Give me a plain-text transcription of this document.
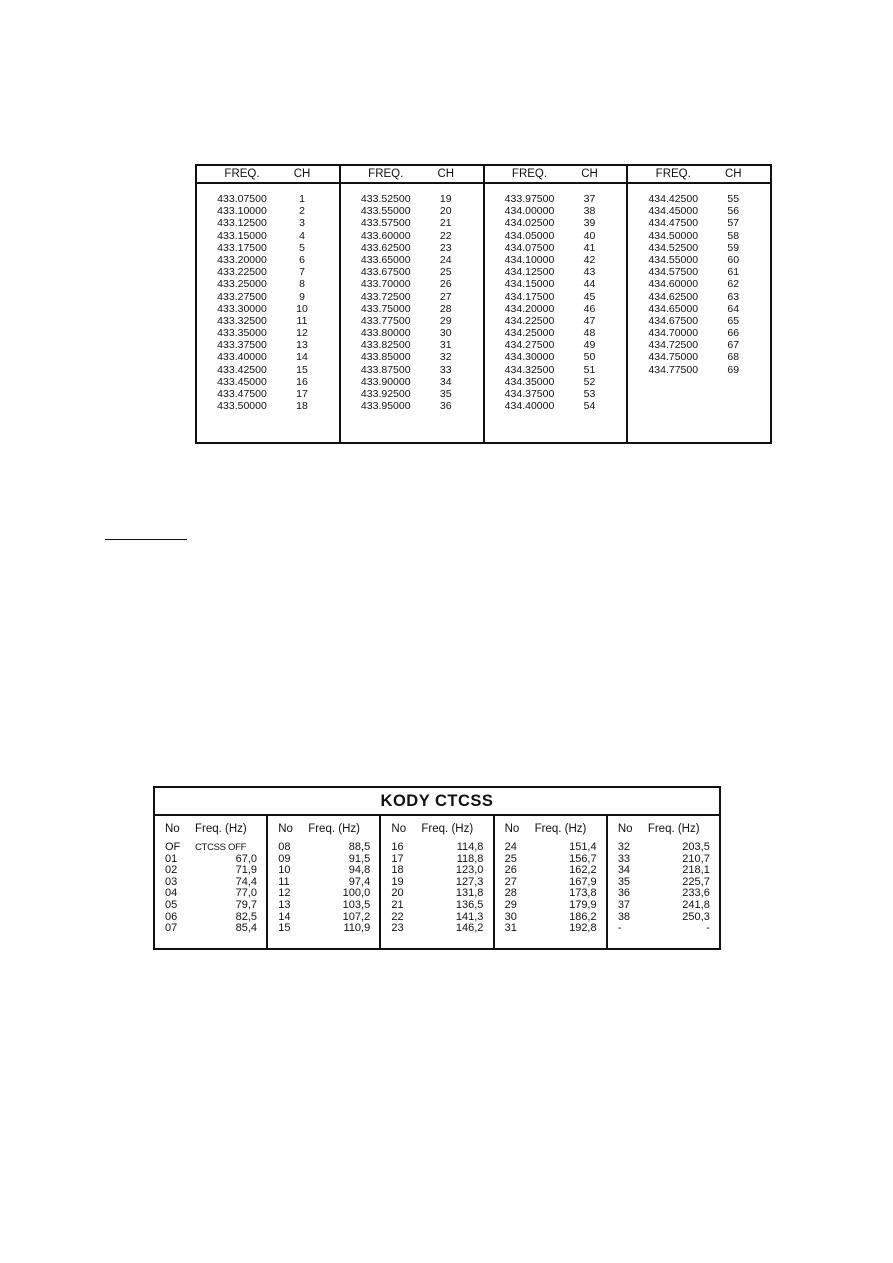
FREQ.	CH
433.07500	1
433.10000	2
433.12500	3
433.15000	4
433.17500	5
433.20000	6
433.22500	7
433.25000	8
433.27500	9
433.30000	10
433.32500	11
433.35000	12
433.37500	13
433.40000	14
433.42500	15
433.45000	16
433.47500	17
433.50000	18
FREQ.	CH
433.52500	19
433.55000	20
433.57500	21
433.60000	22
433.62500	23
433.65000	24
433.67500	25
433.70000	26
433.72500	27
433.75000	28
433.77500	29
433.80000	30
433.82500	31
433.85000	32
433.87500	33
433.90000	34
433.92500	35
433.95000	36
FREQ.	CH
433.97500	37
434.00000	38
434.02500	39
434.05000	40
434.07500	41
434.10000	42
434.12500	43
434.15000	44
434.17500	45
434.20000	46
434.22500	47
434.25000	48
434.27500	49
434.30000	50
434.32500	51
434.35000	52
434.37500	53
434.40000	54
FREQ.	CH
434.42500	55
434.45000	56
434.47500	57
434.50000	58
434.52500	59
434.55000	60
434.57500	61
434.60000	62
434.62500	63
434.65000	64
434.67500	65
434.70000	66
434.72500	67
434.75000	68
434.77500	69
KODY CTCSS
No	Freq. (Hz)
OF	CTCSS OFF
01	67,0
02	71,9
03	74,4
04	77,0
05	79,7
06	82,5
07	85,4
No	Freq. (Hz)
08	88,5
09	91,5
10	94,8
11	97,4
12	100,0
13	103,5
14	107,2
15	110,9
No	Freq. (Hz)
16	114,8
17	118,8
18	123,0
19	127,3
20	131,8
21	136,5
22	141,3
23	146,2
No	Freq. (Hz)
24	151,4
25	156,7
26	162,2
27	167,9
28	173,8
29	179,9
30	186,2
31	192,8
No	Freq. (Hz)
32	203,5
33	210,7
34	218,1
35	225,7
36	233,6
37	241,8
38	250,3
-	-
